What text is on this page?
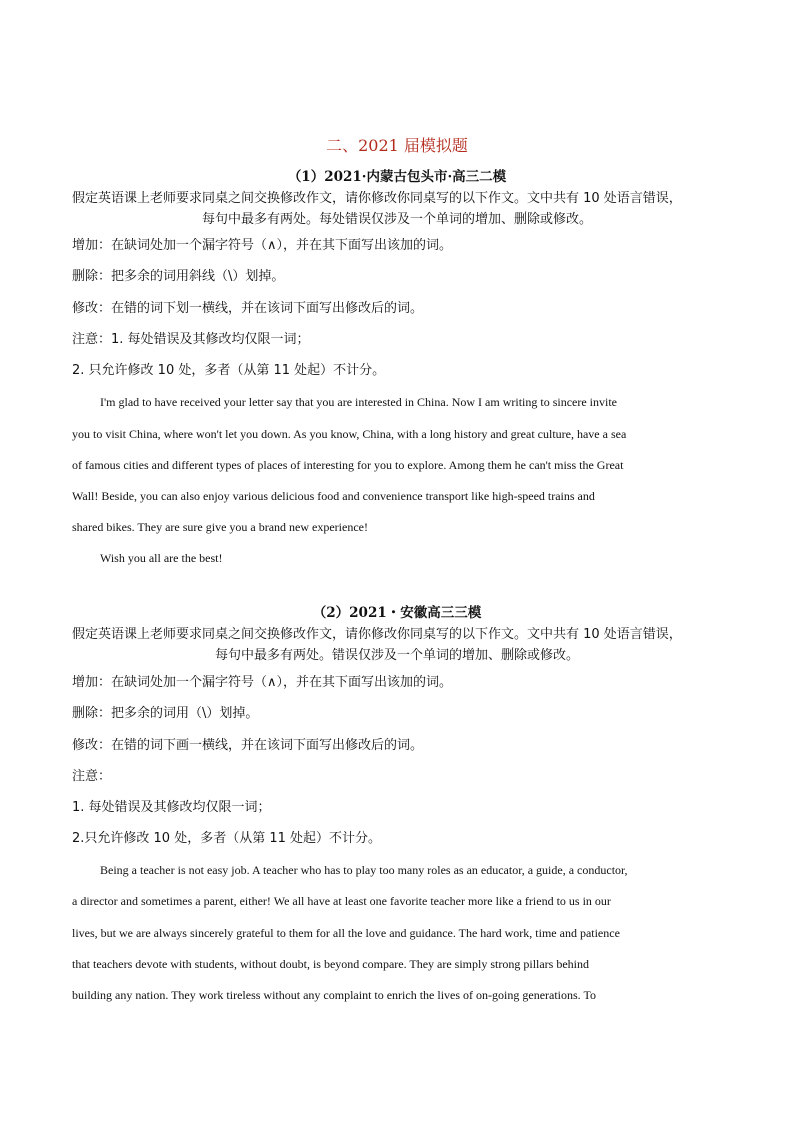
二、2021 届模拟题
（1）2021·内蒙古包头市·高三二模
假定英语课上老师要求同桌之间交换修改作文，请你修改你同桌写的以下作文。文中共有 10 处语言错误，
每句中最多有两处。每处错误仅涉及一个单词的增加、删除或修改。
增加：在缺词处加一个漏字符号（∧），并在其下面写出该加的词。
删除：把多余的词用斜线（\）划掉。
修改：在错的词下划一横线，并在该词下面写出修改后的词。
注意：1. 每处错误及其修改均仅限一词；
2. 只允许修改 10 处，多者（从第 11 处起）不计分。
I'm glad to have received your letter say that you are interested in China. Now I am writing to sincere invite
you to visit China, where won't let you down. As you know, China, with a long history and great culture, have a sea
of famous cities and different types of places of interesting for you to explore. Among them he can't miss the Great
Wall! Beside, you can also enjoy various delicious food and convenience transport like high-speed trains and
shared bikes. They are sure give you a brand new experience!
Wish you all are the best!
（2）2021・安徽高三三模
假定英语课上老师要求同桌之间交换修改作文，请你修改你同桌写的以下作文。文中共有 10 处语言错误，
每句中最多有两处。错误仅涉及一个单词的增加、删除或修改。
增加：在缺词处加一个漏字符号（∧），并在其下面写出该加的词。
删除：把多余的词用（\）划掉。
修改：在错的词下画一横线，并在该词下面写出修改后的词。
注意：
1. 每处错误及其修改均仅限一词；
2.只允许修改 10 处，多者（从第 11 处起）不计分。
Being a teacher is not easy job. A teacher who has to play too many roles as an educator, a guide, a conductor,
a director and sometimes a parent, either! We all have at least one favorite teacher more like a friend to us in our
lives, but we are always sincerely grateful to them for all the love and guidance. The hard work, time and patience
that teachers devote with students, without doubt, is beyond compare. They are simply strong pillars behind
building any nation. They work tireless without any complaint to enrich the lives of on-going generations. To
